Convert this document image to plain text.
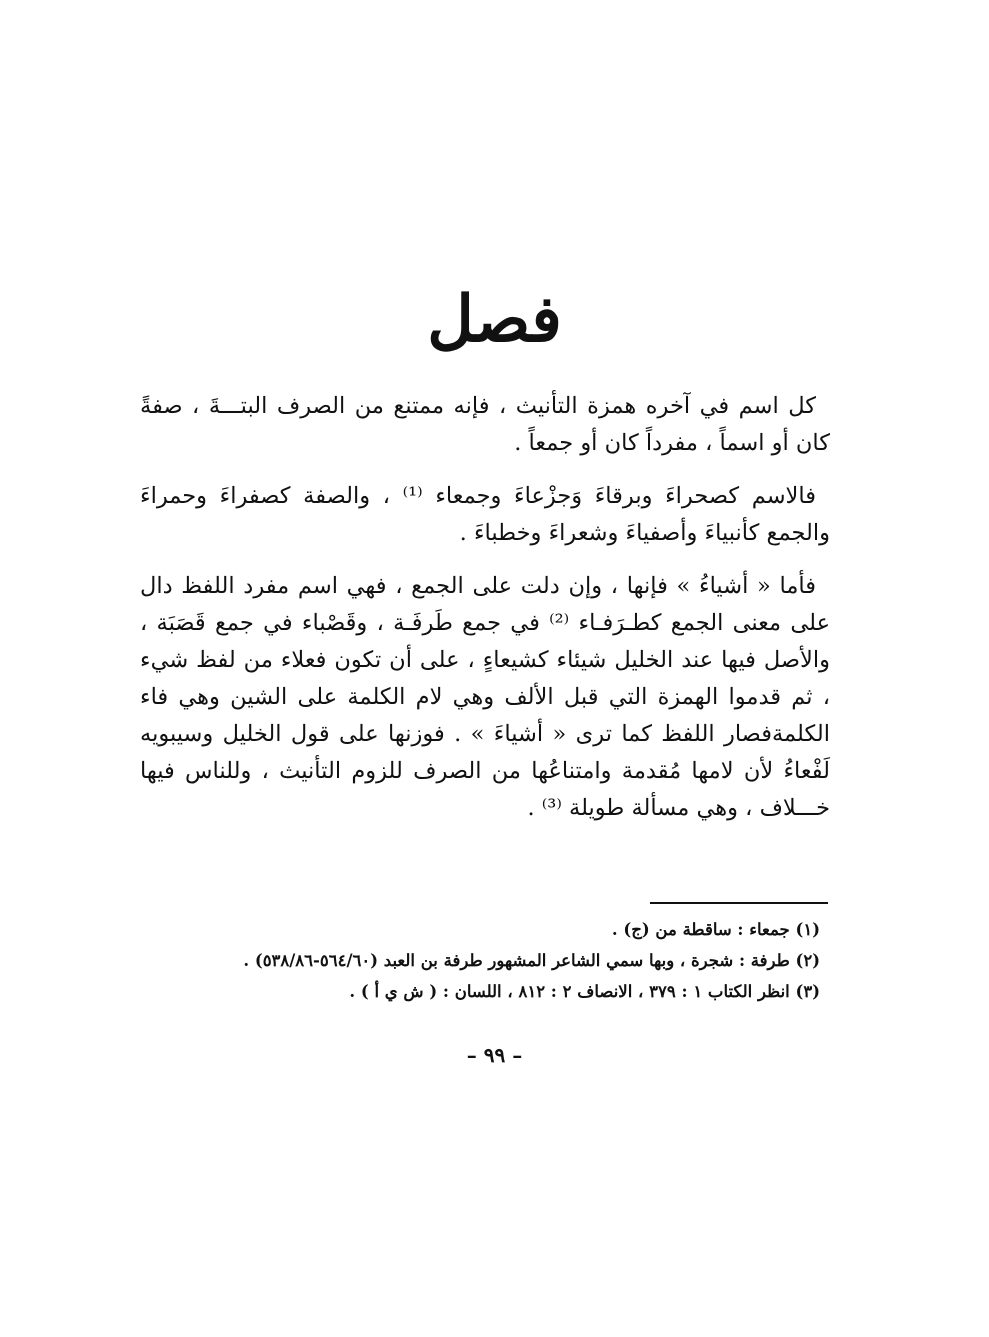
فصل

كل اسم في آخره همزة التأنيث ، فإنه ممتنع من الصرف البتـــةَ ، صفةً كان أو اسماً ، مفرداً كان أو جمعاً .

فالاسم كصحراءَ وبرقاءَ وَجزْعاءَ وجمعاء ⁽¹⁾ ، والصفة كصفراءَ وحمراءَ والجمع كأنبياءَ وأصفياءَ وشعراءَ وخطباءَ .

فأما « أشياءُ » فإنها ، وإن دلت على الجمع ، فهي اسم مفرد اللفظ دال على معنى الجمع كطـرَفـاء ⁽²⁾ في جمع طَرفَـة ، وقَصْباء في جمع قَصَبَة ، والأصل فيها عند الخليل شيئاء كشيعاءٍ ، على أن تكون فعلاء من لفظ شيء ، ثم قدموا الهمزة التي قبل الألف وهي لام الكلمة على الشين وهي فاء الكلمةفصار اللفظ كما ترى « أشياءَ » . فوزنها على قول الخليل وسيبويه لَفْعاءُ لأن لامها مُقدمة وامتناعُها من الصرف للزوم التأنيث ، وللناس فيها خـــلاف ، وهي مسألة طويلة ⁽³⁾ .

(١) جمعاء : ساقطة من (ج) .

(٢) طرفة : شجرة ، وبها سمي الشاعر المشهور طرفة بن العبد (٥٦٤/٦٠-٥٣٨/٨٦) .

(٣) انظر الكتاب ١ : ٣٧٩ ، الانصاف ٢ : ٨١٢ ، اللسان : ( ش ي أ ) .

– ٩٩ –
